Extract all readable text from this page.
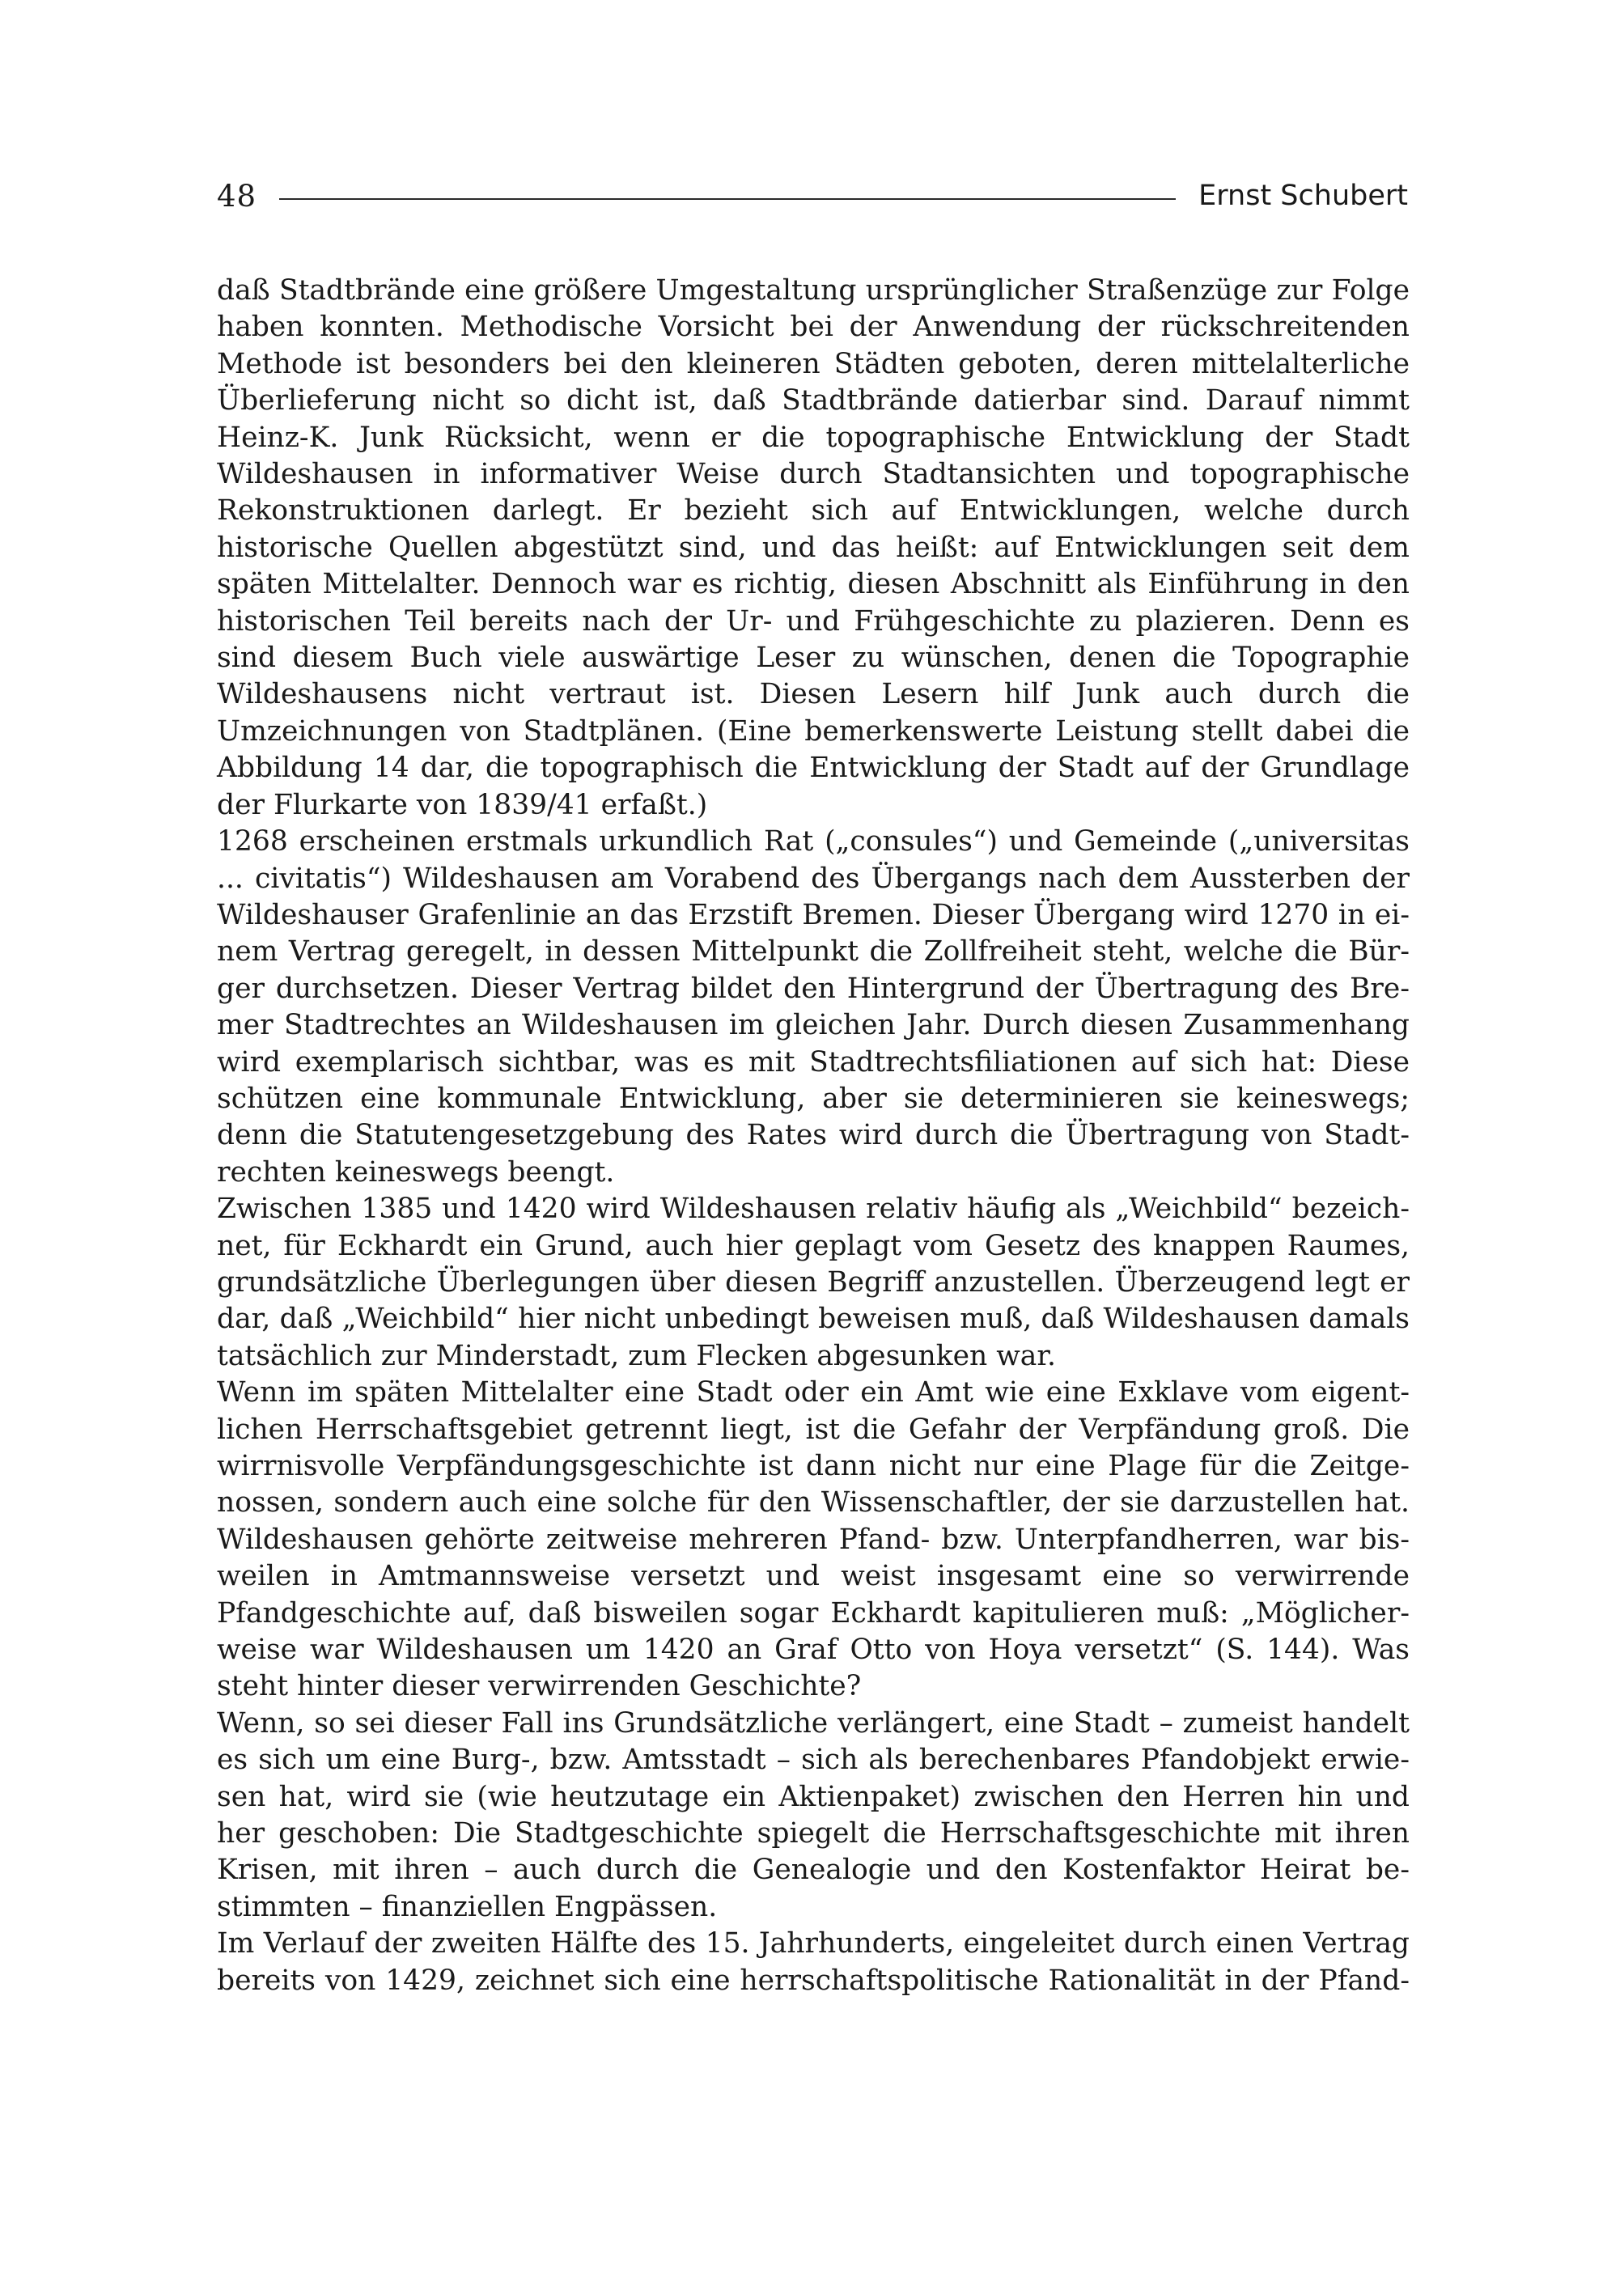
48	Ernst Schubert

daß Stadtbrände eine größere Umgestaltung ursprünglicher Straßenzüge zur Folge haben konnten. Methodische Vorsicht bei der Anwendung der rückschreitenden Methode ist besonders bei den kleineren Städten geboten, deren mittelalterliche Überlieferung nicht so dicht ist, daß Stadtbrände datierbar sind. Darauf nimmt Heinz-K. Junk Rücksicht, wenn er die topographische Entwicklung der Stadt Wildeshausen in informativer Weise durch Stadtansichten und topographische Rekonstruktionen darlegt. Er bezieht sich auf Entwicklungen, welche durch historische Quellen abgestützt sind, und das heißt: auf Entwicklungen seit dem späten Mittelalter. Dennoch war es richtig, diesen Abschnitt als Einführung in den historischen Teil bereits nach der Ur- und Frühgeschichte zu plazieren. Denn es sind diesem Buch viele auswärtige Leser zu wünschen, denen die Topographie Wildeshausens nicht vertraut ist. Diesen Lesern hilf Junk auch durch die Umzeichnungen von Stadtplänen. (Eine bemerkenswerte Leistung stellt dabei die Abbildung 14 dar, die topographisch die Entwicklung der Stadt auf der Grundlage der Flurkarte von 1839/41 erfaßt.)

1268 erscheinen erstmals urkundlich Rat („consules“) und Gemeinde („universitas ... civitatis“) Wildeshausen am Vorabend des Übergangs nach dem Aussterben der Wildeshauser Grafenlinie an das Erzstift Bremen. Dieser Übergang wird 1270 in einem Vertrag geregelt, in dessen Mittelpunkt die Zollfreiheit steht, welche die Bürger durchsetzen. Dieser Vertrag bildet den Hintergrund der Übertragung des Bremer Stadtrechtes an Wildeshausen im gleichen Jahr. Durch diesen Zusammenhang wird exemplarisch sichtbar, was es mit Stadtrechtsfiliationen auf sich hat: Diese schützen eine kommunale Entwicklung, aber sie determinieren sie keineswegs; denn die Statutengesetzgebung des Rates wird durch die Übertragung von Stadtrechten keineswegs beengt.

Zwischen 1385 und 1420 wird Wildeshausen relativ häufig als „Weichbild“ bezeichnet, für Eckhardt ein Grund, auch hier geplagt vom Gesetz des knappen Raumes, grundsätzliche Überlegungen über diesen Begriff anzustellen. Überzeugend legt er dar, daß „Weichbild“ hier nicht unbedingt beweisen muß, daß Wildeshausen damals tatsächlich zur Minderstadt, zum Flecken abgesunken war.

Wenn im späten Mittelalter eine Stadt oder ein Amt wie eine Exklave vom eigentlichen Herrschaftsgebiet getrennt liegt, ist die Gefahr der Verpfändung groß. Die wirrnisvolle Verpfändungsgeschichte ist dann nicht nur eine Plage für die Zeitgenossen, sondern auch eine solche für den Wissenschaftler, der sie darzustellen hat. Wildeshausen gehörte zeitweise mehreren Pfand- bzw. Unterpfandherren, war bisweilen in Amtmannsweise versetzt und weist insgesamt eine so verwirrende Pfandgeschichte auf, daß bisweilen sogar Eckhardt kapitulieren muß: „Möglicherweise war Wildeshausen um 1420 an Graf Otto von Hoya versetzt“ (S. 144). Was steht hinter dieser verwirrenden Geschichte?

Wenn, so sei dieser Fall ins Grundsätzliche verlängert, eine Stadt – zumeist handelt es sich um eine Burg-, bzw. Amtsstadt – sich als berechenbares Pfandobjekt erwiesen hat, wird sie (wie heutzutage ein Aktienpaket) zwischen den Herren hin und her geschoben: Die Stadtgeschichte spiegelt die Herrschaftsgeschichte mit ihren Krisen, mit ihren – auch durch die Genealogie und den Kostenfaktor Heirat bestimmten – finanziellen Engpässen.

Im Verlauf der zweiten Hälfte des 15. Jahrhunderts, eingeleitet durch einen Vertrag bereits von 1429, zeichnet sich eine herrschaftspolitische Rationalität in der Pfand-
